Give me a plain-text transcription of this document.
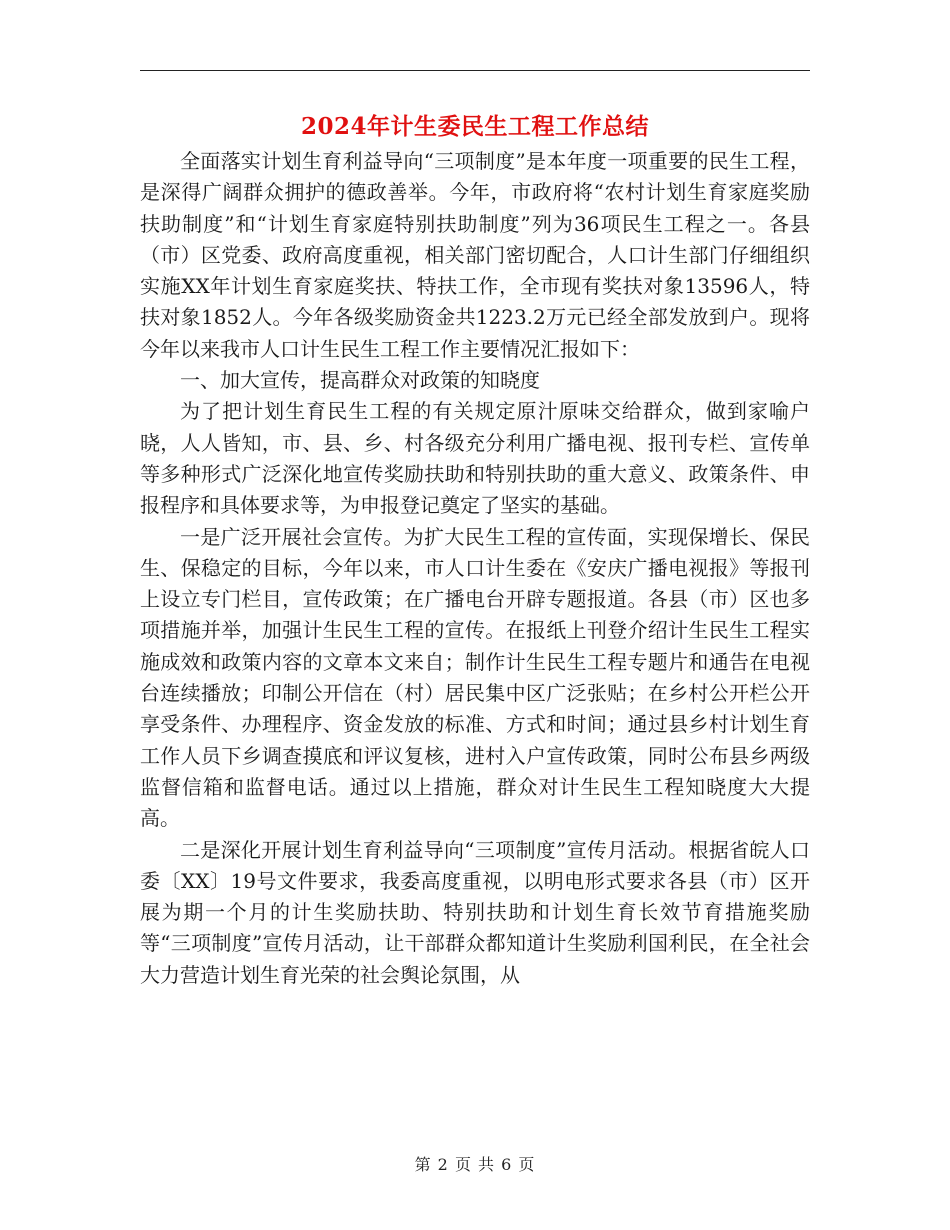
2024年计生委民生工程工作总结

全面落实计划生育利益导向“三项制度”是本年度一项重要的民生工程，是深得广阔群众拥护的德政善举。今年，市政府将“农村计划生育家庭奖励扶助制度”和“计划生育家庭特别扶助制度”列为36项民生工程之一。各县（市）区党委、政府高度重视，相关部门密切配合，人口计生部门仔细组织实施XX年计划生育家庭奖扶、特扶工作，全市现有奖扶对象13596人，特扶对象1852人。今年各级奖励资金共1223.2万元已经全部发放到户。现将今年以来我市人口计生民生工程工作主要情况汇报如下：

一、加大宣传，提高群众对政策的知晓度

为了把计划生育民生工程的有关规定原汁原味交给群众，做到家喻户晓，人人皆知，市、县、乡、村各级充分利用广播电视、报刊专栏、宣传单等多种形式广泛深化地宣传奖励扶助和特别扶助的重大意义、政策条件、申报程序和具体要求等，为申报登记奠定了坚实的基础。

一是广泛开展社会宣传。为扩大民生工程的宣传面，实现保增长、保民生、保稳定的目标，今年以来，市人口计生委在《安庆广播电视报》等报刊上设立专门栏目，宣传政策；在广播电台开辟专题报道。各县（市）区也多项措施并举，加强计生民生工程的宣传。在报纸上刊登介绍计生民生工程实施成效和政策内容的文章本文来自；制作计生民生工程专题片和通告在电视台连续播放；印制公开信在（村）居民集中区广泛张贴；在乡村公开栏公开享受条件、办理程序、资金发放的标准、方式和时间；通过县乡村计划生育工作人员下乡调查摸底和评议复核，进村入户宣传政策，同时公布县乡两级监督信箱和监督电话。通过以上措施，群众对计生民生工程知晓度大大提高。

二是深化开展计划生育利益导向“三项制度”宣传月活动。根据省皖人口委〔XX〕19号文件要求，我委高度重视，以明电形式要求各县（市）区开展为期一个月的计生奖励扶助、特别扶助和计划生育长效节育措施奖励等“三项制度”宣传月活动，让干部群众都知道计生奖励利国利民，在全社会大力营造计划生育光荣的社会舆论氛围，从

第 2 页 共 6 页
